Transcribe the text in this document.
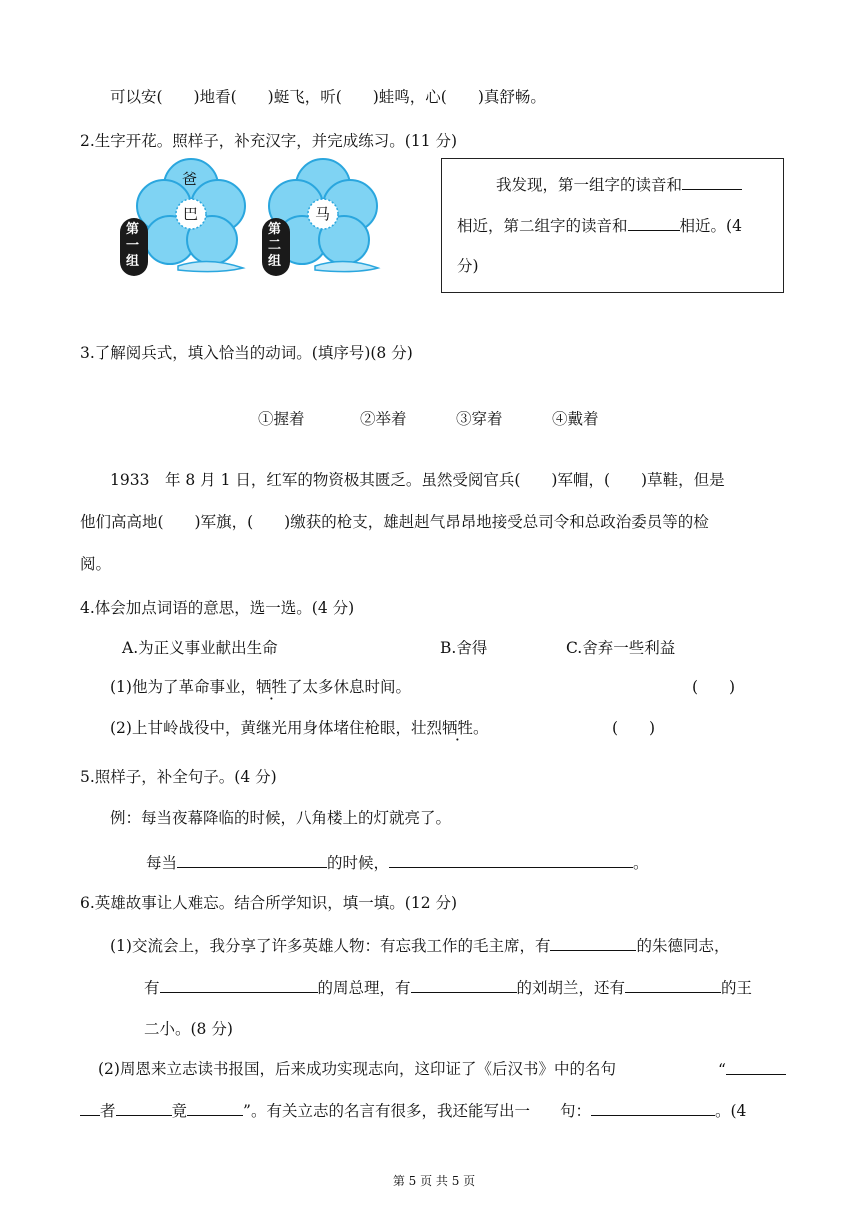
可以安(　　)地看(　　)蜓飞，听(　　)蛙鸣，心(　　)真舒畅。
2.生字开花。照样子，补充汉字，并完成练习。(11 分)
爸
巴
第一组
马
第二组
我发现，第一组字的读音和
相近，第二组字的读音和	相近。(4
分)
3.了解阅兵式，填入恰当的动词。(填序号)(8 分)
①握着	②举着	③穿着	④戴着
1933　年 8 月 1 日，红军的物资极其匮乏。虽然受阅官兵(　　)军帽，(　　)草鞋，但是
他们高高地(　　)军旗，(　　)缴获的枪支，雄赳赳气昂昂地接受总司令和总政治委员等的检
阅。
4.体会加点词语的意思，选一选。(4 分)
A.为正义事业献出生命	B.舍得	C.舍弃一些利益
(1)他为了革命事业，牺牲了太多休息时间。	(　　)
(2)上甘岭战役中，黄继光用身体堵住枪眼，壮烈牺牲。	(　　)
5.照样子，补全句子。(4 分)
例：每当夜幕降临的时候，八角楼上的灯就亮了。
每当	的时候，	。
6.英雄故事让人难忘。结合所学知识，填一填。(12 分)
(1)交流会上，我分享了许多英雄人物：有忘我工作的毛主席，有	的朱德同志，
有	的周总理，有	的刘胡兰，还有	的王
二小。(8 分)
(2)周恩来立志读书报国，后来成功实现志向，这印证了《后汉书》中的名句	“
者	竟	”。有关立志的名言有很多，我还能写出一 句：	。(4
第 5 页 共 5 页
